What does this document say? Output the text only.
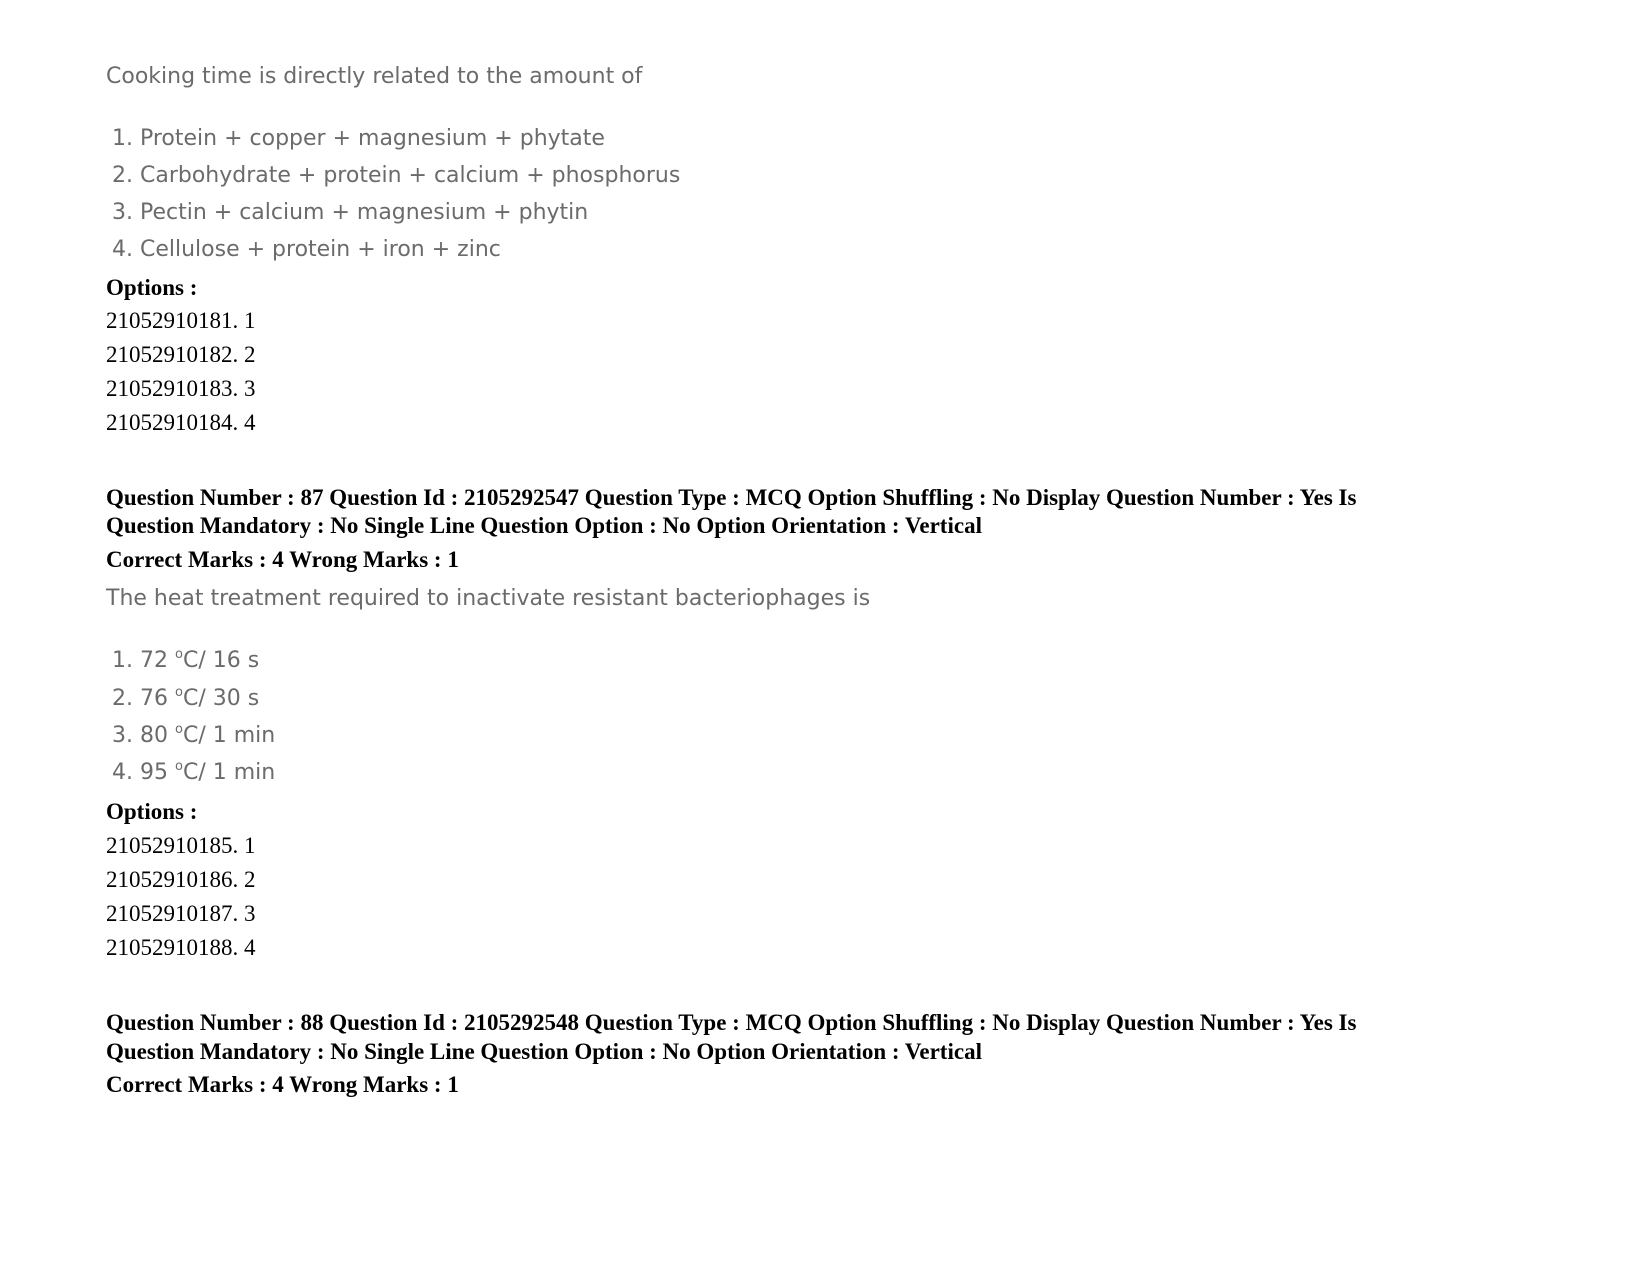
Cooking time is directly related to the amount of
1. Protein + copper + magnesium + phytate
2. Carbohydrate + protein + calcium + phosphorus
3. Pectin + calcium + magnesium + phytin
4. Cellulose + protein + iron + zinc
Options :
21052910181. 1
21052910182. 2
21052910183. 3
21052910184. 4
Question Number : 87 Question Id : 2105292547 Question Type : MCQ Option Shuffling : No Display Question Number : Yes Is
Question Mandatory : No Single Line Question Option : No Option Orientation : Vertical
Correct Marks : 4 Wrong Marks : 1
The heat treatment required to inactivate resistant bacteriophages is
1. 72 $^o$C/ 16 s
2. 76 $^o$C/ 30 s
3. 80 $^o$C/ 1 min
4. 95 $^o$C/ 1 min
Options :
21052910185. 1
21052910186. 2
21052910187. 3
21052910188. 4
Question Number : 88 Question Id : 2105292548 Question Type : MCQ Option Shuffling : No Display Question Number : Yes Is
Question Mandatory : No Single Line Question Option : No Option Orientation : Vertical
Correct Marks : 4 Wrong Marks : 1
